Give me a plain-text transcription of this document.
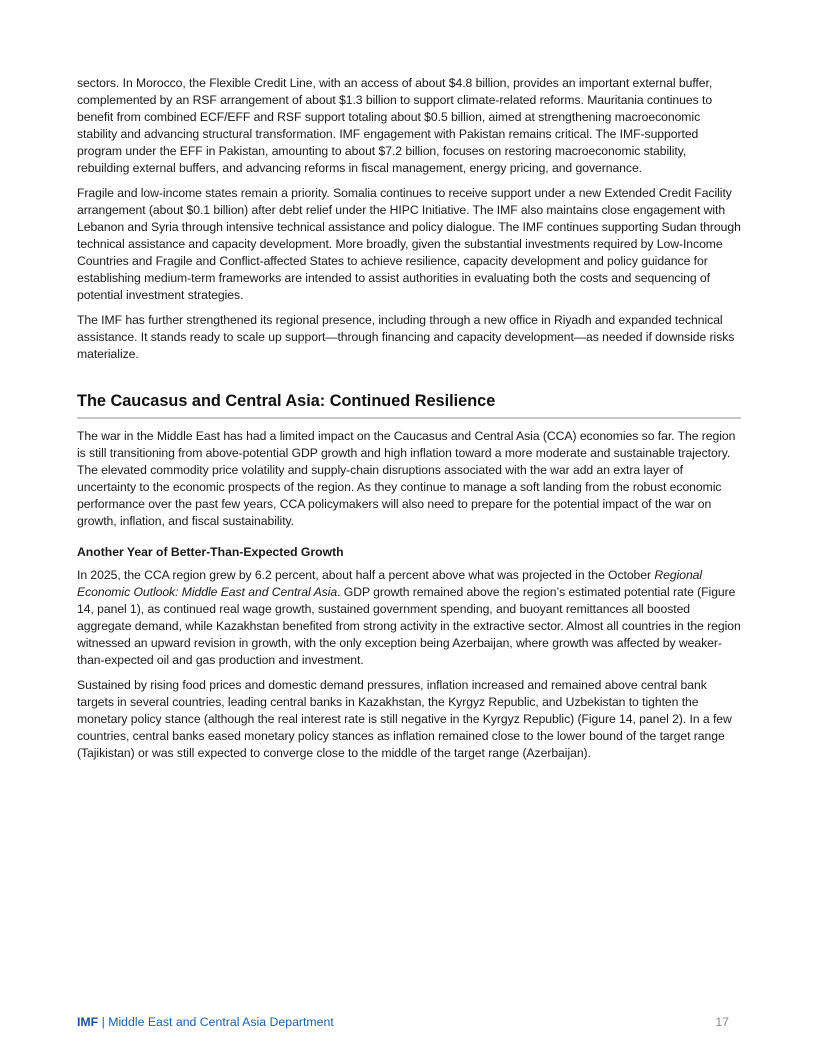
sectors. In Morocco, the Flexible Credit Line, with an access of about $4.8 billion, provides an important external buffer, complemented by an RSF arrangement of about $1.3 billion to support climate-related reforms. Mauritania continues to benefit from combined ECF/EFF and RSF support totaling about $0.5 billion, aimed at strengthening macroeconomic stability and advancing structural transformation. IMF engagement with Pakistan remains critical. The IMF-supported program under the EFF in Pakistan, amounting to about $7.2 billion, focuses on restoring macroeconomic stability, rebuilding external buffers, and advancing reforms in fiscal management, energy pricing, and governance.

Fragile and low-income states remain a priority. Somalia continues to receive support under a new Extended Credit Facility arrangement (about $0.1 billion) after debt relief under the HIPC Initiative. The IMF also maintains close engagement with Lebanon and Syria through intensive technical assistance and policy dialogue. The IMF continues supporting Sudan through technical assistance and capacity development. More broadly, given the substantial investments required by Low-Income Countries and Fragile and Conflict-affected States to achieve resilience, capacity development and policy guidance for establishing medium-term frameworks are intended to assist authorities in evaluating both the costs and sequencing of potential investment strategies.

The IMF has further strengthened its regional presence, including through a new office in Riyadh and expanded technical assistance. It stands ready to scale up support—through financing and capacity development—as needed if downside risks materialize.

The Caucasus and Central Asia: Continued Resilience

The war in the Middle East has had a limited impact on the Caucasus and Central Asia (CCA) economies so far. The region is still transitioning from above-potential GDP growth and high inflation toward a more moderate and sustainable trajectory. The elevated commodity price volatility and supply-chain disruptions associated with the war add an extra layer of uncertainty to the economic prospects of the region. As they continue to manage a soft landing from the robust economic performance over the past few years, CCA policymakers will also need to prepare for the potential impact of the war on growth, inflation, and fiscal sustainability.

Another Year of Better-Than-Expected Growth

In 2025, the CCA region grew by 6.2 percent, about half a percent above what was projected in the October Regional Economic Outlook: Middle East and Central Asia. GDP growth remained above the region’s estimated potential rate (Figure 14, panel 1), as continued real wage growth, sustained government spending, and buoyant remittances all boosted aggregate demand, while Kazakhstan benefited from strong activity in the extractive sector. Almost all countries in the region witnessed an upward revision in growth, with the only exception being Azerbaijan, where growth was affected by weaker-than-expected oil and gas production and investment.

Sustained by rising food prices and domestic demand pressures, inflation increased and remained above central bank targets in several countries, leading central banks in Kazakhstan, the Kyrgyz Republic, and Uzbekistan to tighten the monetary policy stance (although the real interest rate is still negative in the Kyrgyz Republic) (Figure 14, panel 2). In a few countries, central banks eased monetary policy stances as inflation remained close to the lower bound of the target range (Tajikistan) or was still expected to converge close to the middle of the target range (Azerbaijan).

IMF | Middle East and Central Asia Department	17
